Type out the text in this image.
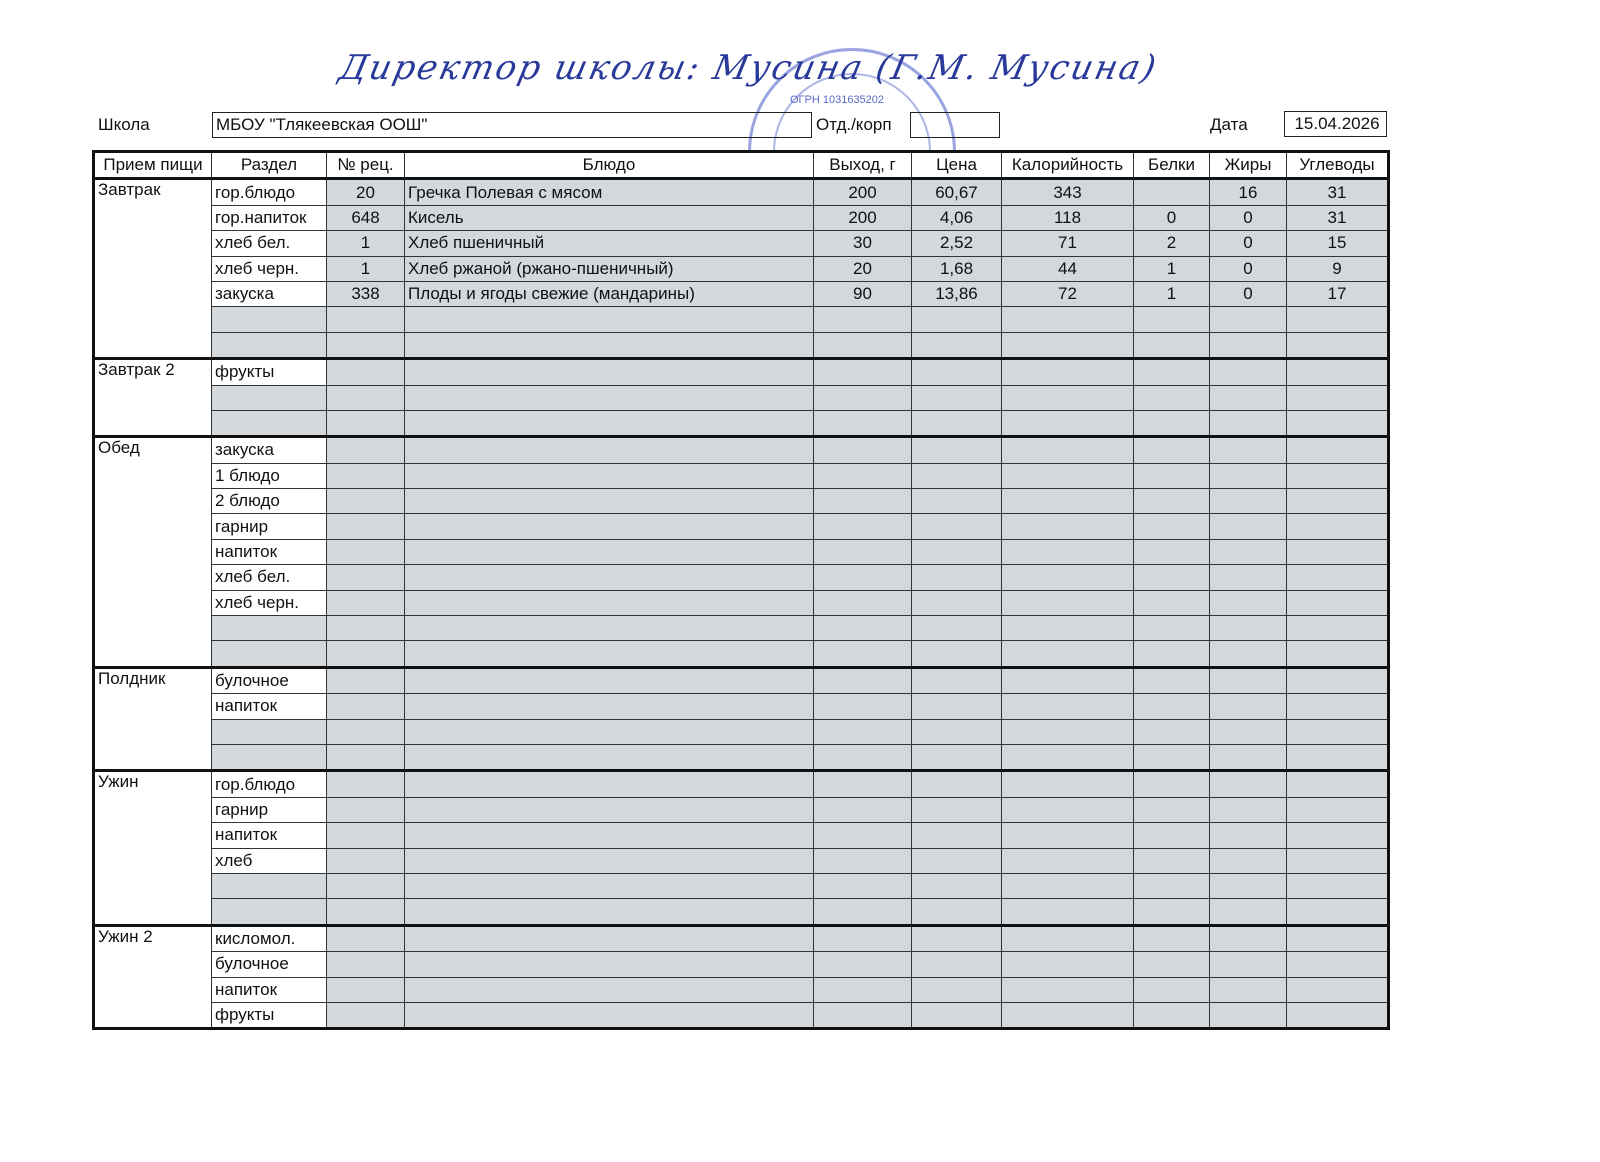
Директор школы: Мусина (Г.М. Мусина)
ОГРН 1031635202
Школа	МБОУ "Тлякеевская ООШ"	Отд./корп	Дата	15.04.2026
Прием пищи	Раздел	№ рец.	Блюдо	Выход, г	Цена	Калорийность	Белки	Жиры	Углеводы
Завтрак	гор.блюдо	20	Гречка Полевая с мясом	200	60,67	343		16	31
	гор.напиток	648	Кисель	200	4,06	118	0	0	31
	хлеб бел.	1	Хлеб пшеничный	30	2,52	71	2	0	15
	хлеб черн.	1	Хлеб ржаной (ржано-пшеничный)	20	1,68	44	1	0	9
	закуска	338	Плоды и ягоды свежие (мандарины)	90	13,86	72	1	0	17

Завтрак 2	фрукты								

Обед	закуска								
	1 блюдо								
	2 блюдо								
	гарнир								
	напиток								
	хлеб бел.								
	хлеб черн.								

Полдник	булочное								
	напиток								

Ужин	гор.блюдо								
	гарнир								
	напиток								
	хлеб								

Ужин 2	кисломол.								
	булочное								
	напиток								
	фрукты								
